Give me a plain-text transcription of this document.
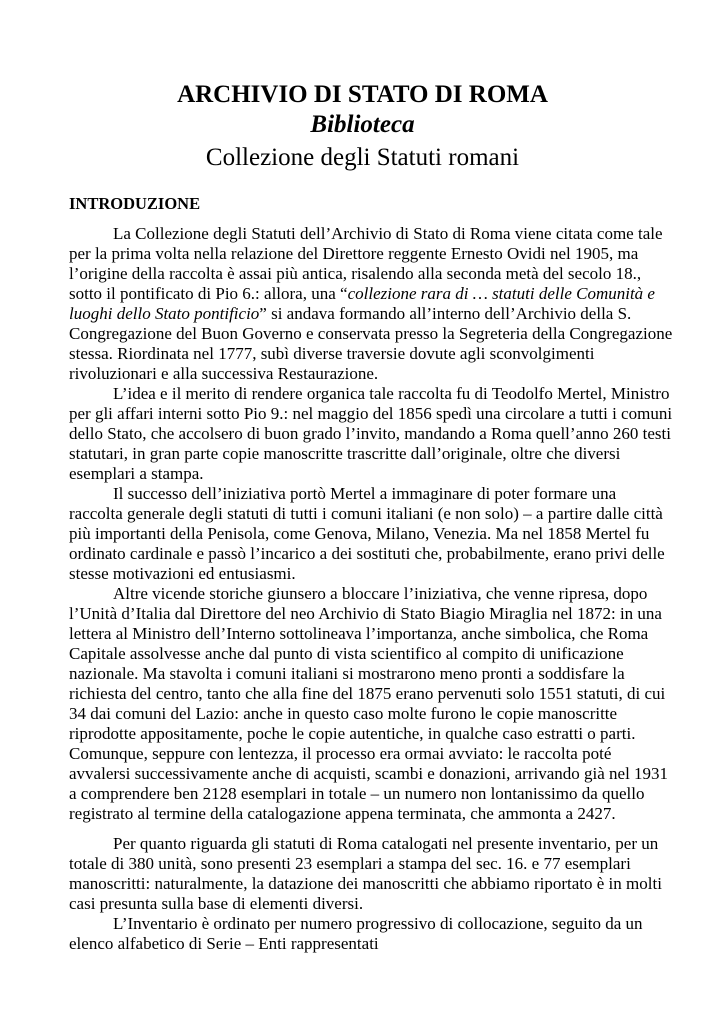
ARCHIVIO DI STATO DI ROMA

Biblioteca

Collezione degli Statuti romani

INTRODUZIONE

La Collezione degli Statuti dell’Archivio di Stato di Roma viene citata come tale per la prima volta nella relazione del Direttore reggente Ernesto Ovidi nel 1905, ma l’origine della raccolta è assai più antica, risalendo alla seconda metà del secolo 18., sotto il pontificato di Pio 6.: allora, una “collezione rara di … statuti delle Comunità e luoghi dello Stato pontificio” si andava formando all’interno dell’Archivio della S. Congregazione del Buon Governo e conservata presso la Segreteria della Congregazione stessa. Riordinata nel 1777, subì diverse traversie dovute agli sconvolgimenti rivoluzionari e alla successiva Restaurazione.

L’idea e il merito di rendere organica tale raccolta fu di Teodolfo Mertel, Ministro per gli affari interni sotto Pio 9.: nel maggio del 1856 spedì una circolare a tutti i comuni dello Stato, che accolsero di buon grado l’invito, mandando a Roma quell’anno 260 testi statutari, in gran parte copie manoscritte trascritte dall’originale, oltre che diversi esemplari a stampa.

Il successo dell’iniziativa portò Mertel a immaginare di poter formare una raccolta generale degli statuti di tutti i comuni italiani (e non solo) – a partire dalle città più importanti della Penisola, come Genova, Milano, Venezia. Ma nel 1858 Mertel fu ordinato cardinale e passò l’incarico a dei sostituti che, probabilmente, erano privi delle stesse motivazioni ed entusiasmi.

Altre vicende storiche giunsero a bloccare l’iniziativa, che venne ripresa, dopo l’Unità d’Italia dal Direttore del neo Archivio di Stato Biagio Miraglia nel 1872: in una lettera al Ministro dell’Interno sottolineava l’importanza, anche simbolica, che Roma Capitale assolvesse anche dal punto di vista scientifico al compito di unificazione nazionale. Ma stavolta i comuni italiani si mostrarono meno pronti a soddisfare la richiesta del centro, tanto che alla fine del 1875 erano pervenuti solo 1551 statuti, di cui 34 dai comuni del Lazio: anche in questo caso molte furono le copie manoscritte riprodotte appositamente, poche le copie autentiche, in qualche caso estratti o parti. Comunque, seppure con lentezza, il processo era ormai avviato: le raccolta poté avvalersi successivamente anche di acquisti, scambi e donazioni, arrivando già nel 1931 a comprendere ben 2128 esemplari in totale – un numero non lontanissimo da quello registrato al termine della catalogazione appena terminata, che ammonta a 2427.

Per quanto riguarda gli statuti di Roma catalogati nel presente inventario, per un totale di 380 unità, sono presenti 23 esemplari a stampa del sec. 16. e 77 esemplari manoscritti: naturalmente, la datazione dei manoscritti che abbiamo riportato è in molti casi presunta sulla base di elementi diversi.

L’Inventario è ordinato per numero progressivo di collocazione, seguito da un elenco alfabetico di Serie – Enti rappresentati
